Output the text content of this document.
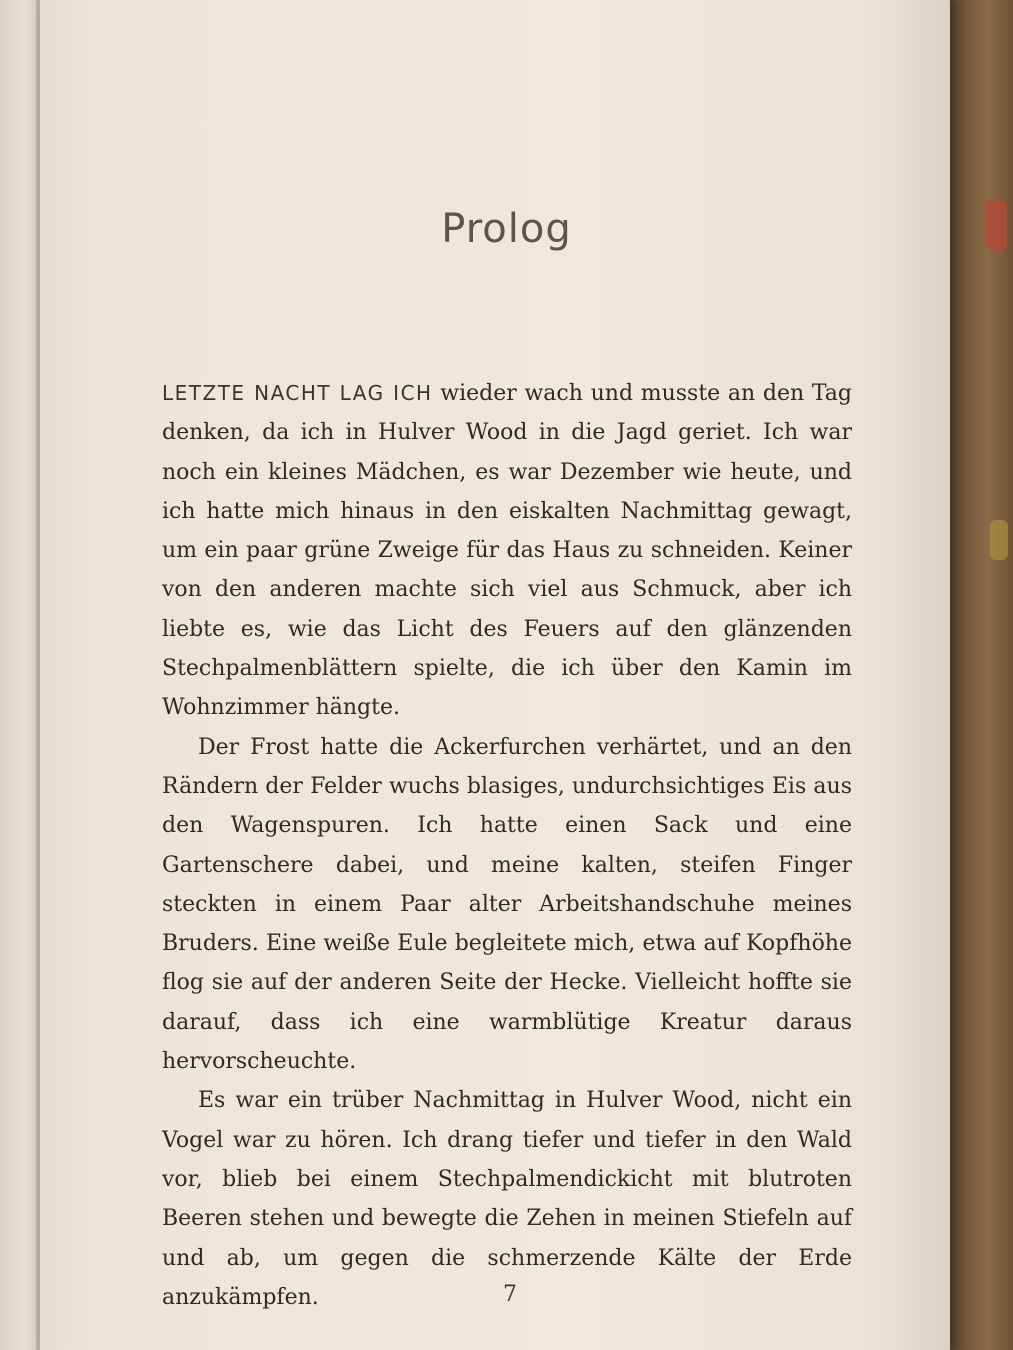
Prolog

LETZTE NACHT LAG ICH wieder wach und musste an den Tag denken, da ich in Hulver Wood in die Jagd geriet. Ich war noch ein kleines Mädchen, es war Dezember wie heute, und ich hatte mich hinaus in den eiskalten Nachmittag gewagt, um ein paar grüne Zweige für das Haus zu schneiden. Keiner von den anderen machte sich viel aus Schmuck, aber ich liebte es, wie das Licht des Feuers auf den glänzenden Stechpalmenblättern spielte, die ich über den Kamin im Wohnzimmer hängte.

Der Frost hatte die Ackerfurchen verhärtet, und an den Rändern der Felder wuchs blasiges, undurchsichtiges Eis aus den Wagenspuren. Ich hatte einen Sack und eine Gartenschere dabei, und meine kalten, steifen Finger steckten in einem Paar alter Arbeitshandschuhe meines Bruders. Eine weiße Eule begleitete mich, etwa auf Kopfhöhe flog sie auf der anderen Seite der Hecke. Vielleicht hoffte sie darauf, dass ich eine warmblütige Kreatur daraus hervorscheuchte.

Es war ein trüber Nachmittag in Hulver Wood, nicht ein Vogel war zu hören. Ich drang tiefer und tiefer in den Wald vor, blieb bei einem Stechpalmendickicht mit blutroten Beeren stehen und bewegte die Zehen in meinen Stiefeln auf und ab, um gegen die schmerzende Kälte der Erde anzukämpfen.	7
